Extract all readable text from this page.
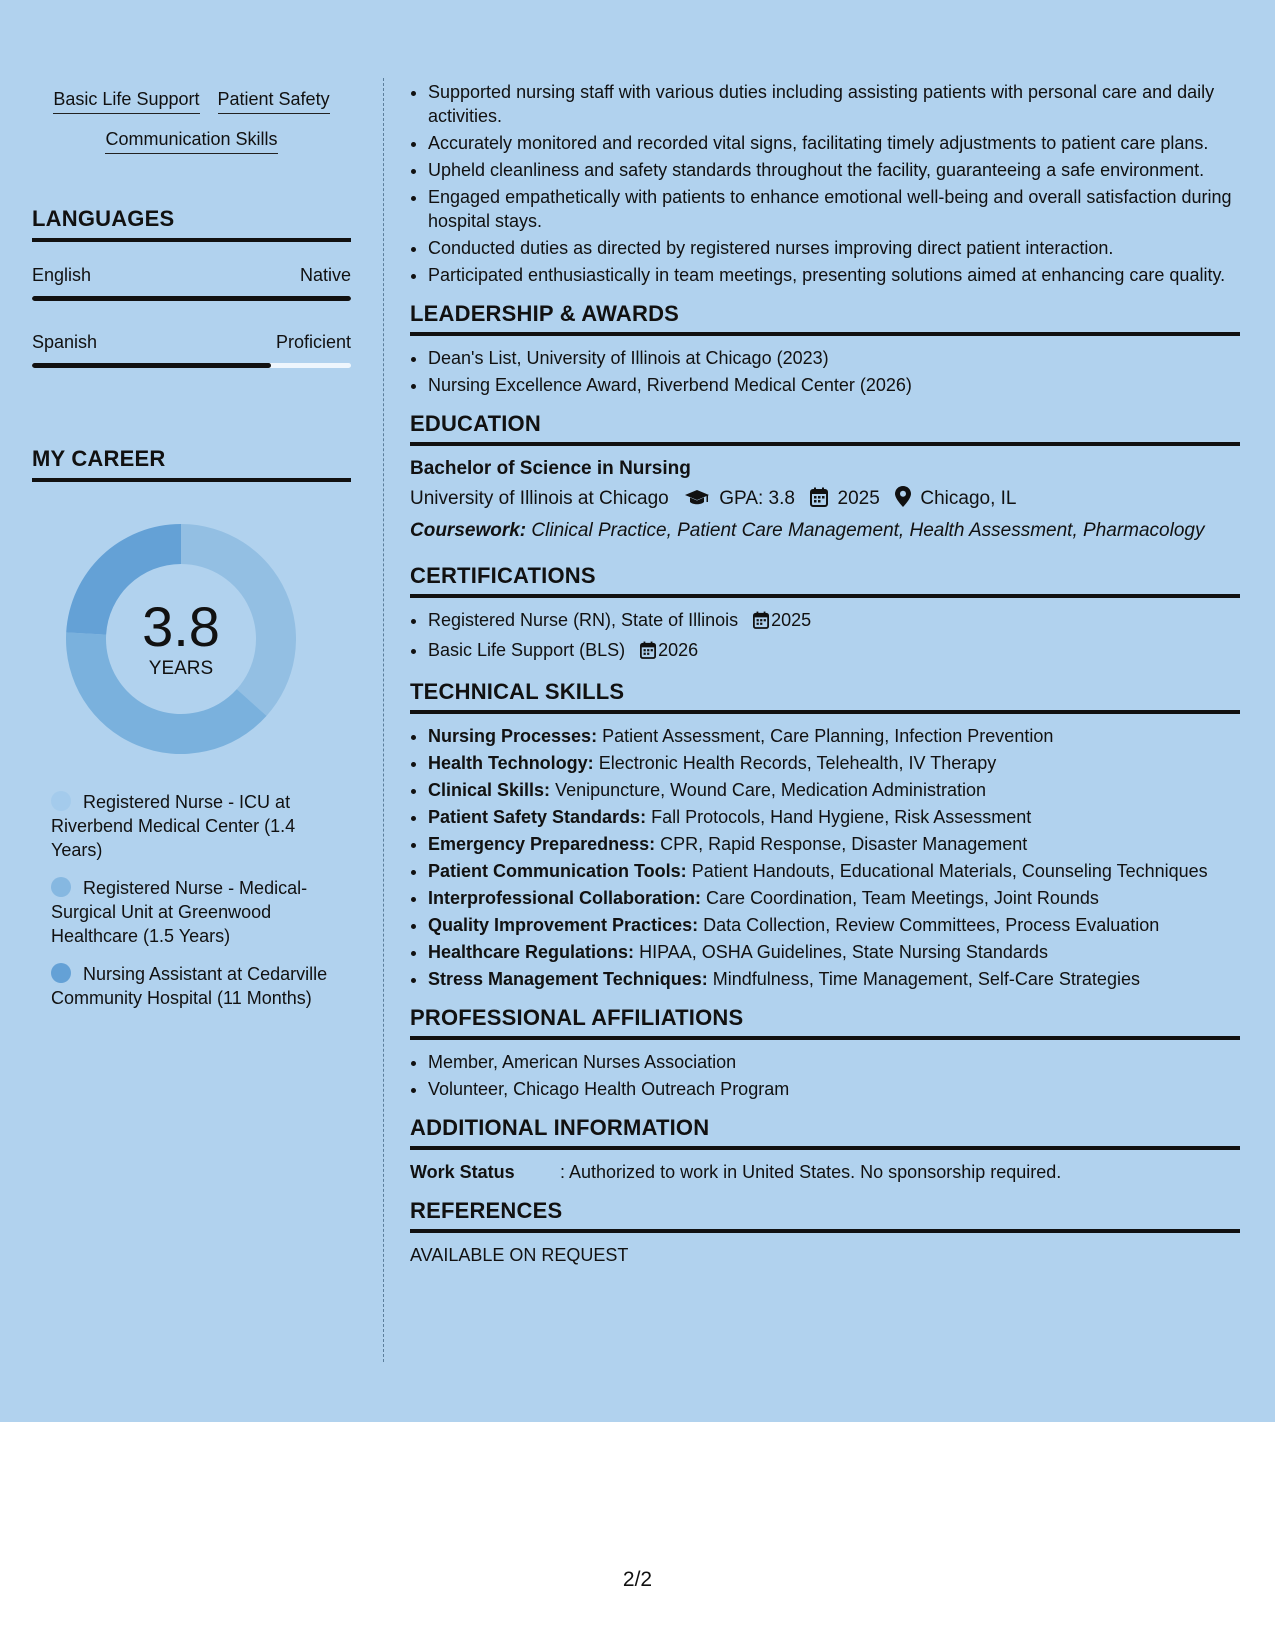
Basic Life Support Patient Safety
Communication Skills
LANGUAGES
English	Native
Spanish	Proficient
MY CAREER
3.8
YEARS
Registered Nurse - ICU at Riverbend Medical Center (1.4 Years)
Registered Nurse - Medical-Surgical Unit at Greenwood Healthcare (1.5 Years)
Nursing Assistant at Cedarville Community Hospital (11 Months)
• Supported nursing staff with various duties including assisting patients with personal care and daily activities.
• Accurately monitored and recorded vital signs, facilitating timely adjustments to patient care plans.
• Upheld cleanliness and safety standards throughout the facility, guaranteeing a safe environment.
• Engaged empathetically with patients to enhance emotional well-being and overall satisfaction during hospital stays.
• Conducted duties as directed by registered nurses improving direct patient interaction.
• Participated enthusiastically in team meetings, presenting solutions aimed at enhancing care quality.
LEADERSHIP & AWARDS
• Dean's List, University of Illinois at Chicago (2023)
• Nursing Excellence Award, Riverbend Medical Center (2026)
EDUCATION
Bachelor of Science in Nursing
University of Illinois at Chicago	GPA: 3.8 2025 Chicago, IL
Coursework: Clinical Practice, Patient Care Management, Health Assessment, Pharmacology
CERTIFICATIONS
• Registered Nurse (RN), State of Illinois 2025
• Basic Life Support (BLS) 2026
TECHNICAL SKILLS
• Nursing Processes: Patient Assessment, Care Planning, Infection Prevention
• Health Technology: Electronic Health Records, Telehealth, IV Therapy
• Clinical Skills: Venipuncture, Wound Care, Medication Administration
• Patient Safety Standards: Fall Protocols, Hand Hygiene, Risk Assessment
• Emergency Preparedness: CPR, Rapid Response, Disaster Management
• Patient Communication Tools: Patient Handouts, Educational Materials, Counseling Techniques
• Interprofessional Collaboration: Care Coordination, Team Meetings, Joint Rounds
• Quality Improvement Practices: Data Collection, Review Committees, Process Evaluation
• Healthcare Regulations: HIPAA, OSHA Guidelines, State Nursing Standards
• Stress Management Techniques: Mindfulness, Time Management, Self-Care Strategies
PROFESSIONAL AFFILIATIONS
• Member, American Nurses Association
• Volunteer, Chicago Health Outreach Program
ADDITIONAL INFORMATION
Work Status	: Authorized to work in United States. No sponsorship required.
REFERENCES
AVAILABLE ON REQUEST
2/2
